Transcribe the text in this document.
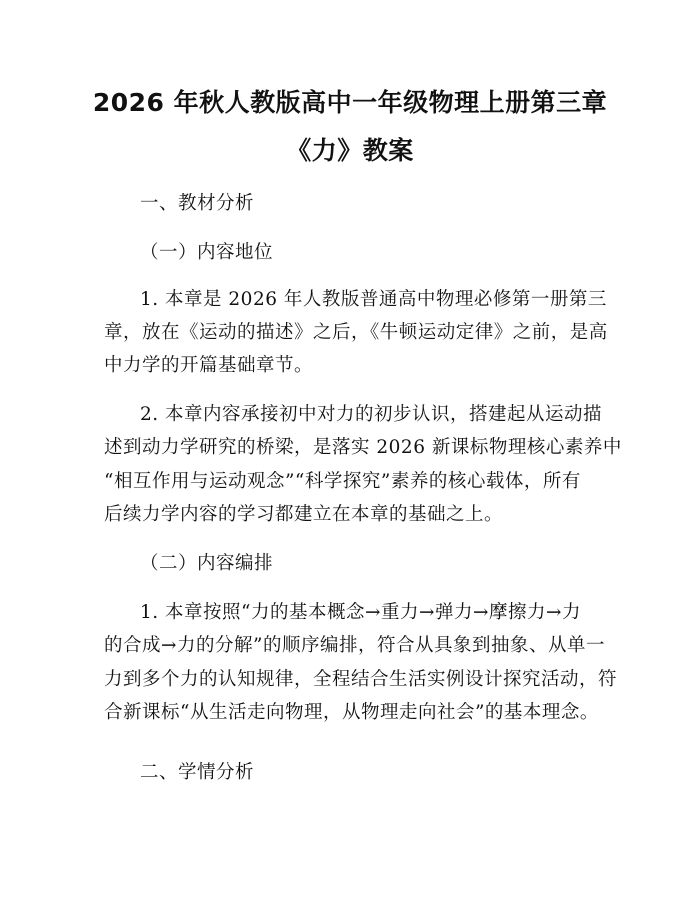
2026 年秋人教版高中一年级物理上册第三章
《力》教案
一、教材分析
（一）内容地位
1. 本章是 2026 年人教版普通高中物理必修第一册第三
章，放在《运动的描述》之后，《牛顿运动定律》之前，是高
中力学的开篇基础章节。
2. 本章内容承接初中对力的初步认识，搭建起从运动描
述到动力学研究的桥梁，是落实 2026 新课标物理核心素养中
“相互作用与运动观念”“科学探究”素养的核心载体，所有
后续力学内容的学习都建立在本章的基础之上。
（二）内容编排
1. 本章按照“力的基本概念→重力→弹力→摩擦力→力
的合成→力的分解”的顺序编排，符合从具象到抽象、从单一
力到多个力的认知规律，全程结合生活实例设计探究活动，符
合新课标“从生活走向物理，从物理走向社会”的基本理念。
二、学情分析
